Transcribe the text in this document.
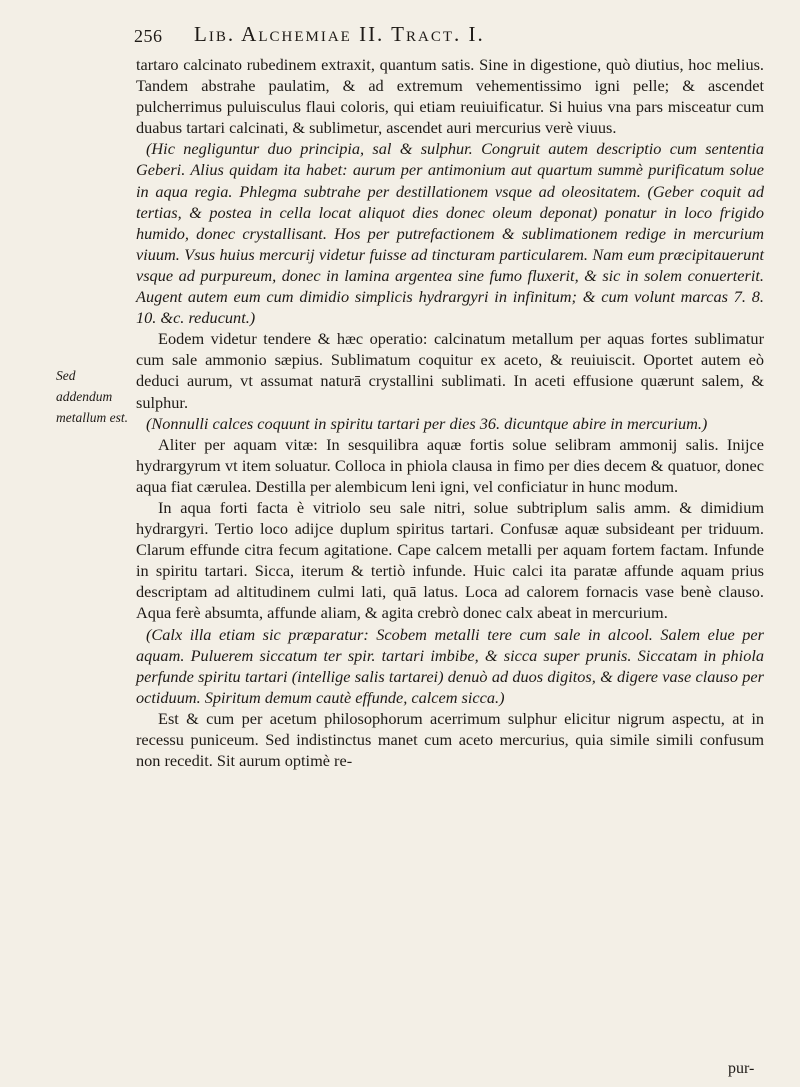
256 Lib. Alchemiae II. Tract. I.

tartaro calcinato rubedinem extraxit, quantum satis. Sine in digestione, quò diutius, hoc melius. Tandem abstrahe paulatim, & ad extremum vehementissimo igni pelle; & ascendet pulcherrimus puluisculus flaui coloris, qui etiam reuiuificatur. Si huius vna pars misceatur cum duabus tartari calcinati, & sublimetur, ascendet auri mercurius verè viuus.

(Hic negliguntur duo principia, sal & sulphur. Congruit autem descriptio cum sententia Geberi. Alius quidam ita habet: aurum per antimonium aut quartum summè purificatum solue in aqua regia. Phlegma subtrahe per destillationem vsque ad oleositatem. (Geber coquit ad tertias, & postea in cella locat aliquot dies donec oleum deponat) ponatur in loco frigido humido, donec crystallisant. Hos per putrefactionem & sublimationem redige in mercurium viuum. Vsus huius mercurij videtur fuisse ad tincturam particularem. Nam eum præcipitauerunt vsque ad purpureum, donec in lamina argentea sine fumo fluxerit, & sic in solem conuerterit. Augent autem eum cum dimidio simplicis hydrargyri in infinitum; & cum volunt marcas 7. 8. 10. &c. reducunt.)

Eodem videtur tendere & hæc operatio: calcinatum metallum per aquas fortes sublimatur cum sale ammonio sæpius. Sublimatum coquitur ex aceto, & reuiuiscit. Oportet autem eò deduci aurum, vt assumat naturā crystallini sublimati. In aceti effusione quærunt salem, & sulphur.

(Nonnulli calces coquunt in spiritu tartari per dies 36. dicuntque abire in mercurium.)

Aliter per aquam vitæ: In sesquilibra aquæ fortis solue selibram ammonij salis. Inijce hydrargyrum vt item soluatur. Colloca in phiola clausa in fimo per dies decem & quatuor, donec aqua fiat cærulea. Destilla per alembicum leni igni, vel conficiatur in hunc modum.

In aqua forti facta è vitriolo seu sale nitri, solue subtriplum salis amm. & dimidium hydrargyri. Tertio loco adijce duplum spiritus tartari. Confusæ aquæ subsideant per triduum. Clarum effunde citra fecum agitatione. Cape calcem metalli per aquam fortem factam. Infunde in spiritu tartari. Sicca, iterum & tertiò infunde. Huic calci ita paratæ affunde aquam prius descriptam ad altitudinem culmi lati, quā latus. Loca ad calorem fornacis vase benè clauso. Aqua ferè absumta, affunde aliam, & agita crebrò donec calx abeat in mercurium.

(Calx illa etiam sic præparatur: Scobem metalli tere cum sale in alcool. Salem elue per aquam. Puluerem siccatum ter spir. tartari imbibe, & sicca super prunis. Siccatam in phiola perfunde spiritu tartari (intellige salis tartarei) denuò ad duos digitos, & digere vase clauso per octiduum. Spiritum demum cautè effunde, calcem sicca.)

Est & cum per acetum philosophorum acerrimum sulphur elicitur nigrum aspectu, at in recessu puniceum. Sed indistinctus manet cum aceto mercurius, quia simile simili confusum non recedit. Sit aurum optimè re-

Sed addendum metallum est.
pur-
